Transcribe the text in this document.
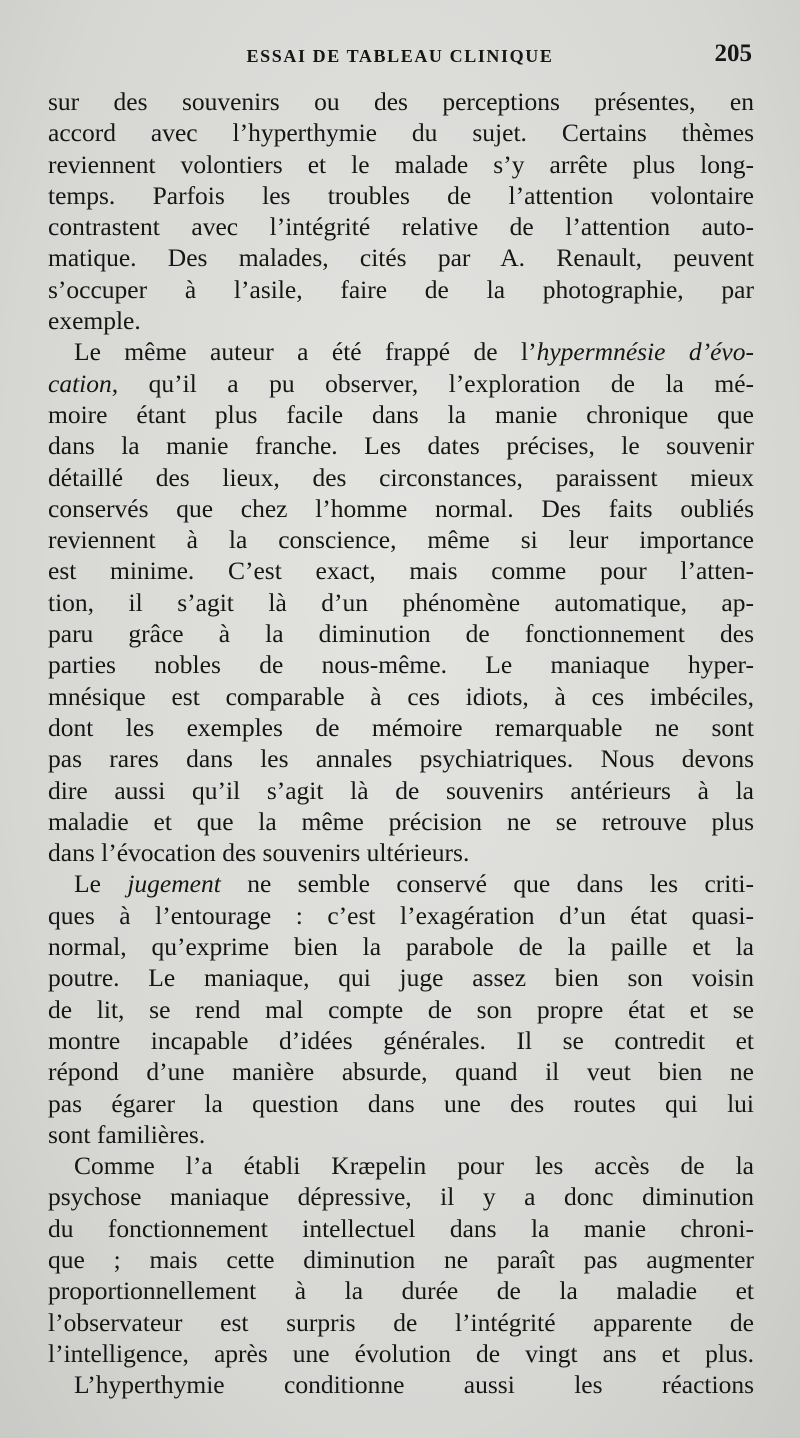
ESSAI DE TABLEAU CLINIQUE	205
sur des souvenirs ou des perceptions présentes, en
accord avec l’hyperthymie du sujet. Certains thèmes
reviennent volontiers et le malade s’y arrête plus long-
temps. Parfois les troubles de l’attention volontaire
contrastent avec l’intégrité relative de l’attention auto-
matique. Des malades, cités par A. Renault, peuvent
s’occuper à l’asile, faire de la photographie, par
exemple.
Le même auteur a été frappé de l’hypermnésie d’évo-
cation, qu’il a pu observer, l’exploration de la mé-
moire étant plus facile dans la manie chronique que
dans la manie franche. Les dates précises, le souvenir
détaillé des lieux, des circonstances, paraissent mieux
conservés que chez l’homme normal. Des faits oubliés
reviennent à la conscience, même si leur importance
est minime. C’est exact, mais comme pour l’atten-
tion, il s’agit là d’un phénomène automatique, ap-
paru grâce à la diminution de fonctionnement des
parties nobles de nous-même. Le maniaque hyper-
mnésique est comparable à ces idiots, à ces imbéciles,
dont les exemples de mémoire remarquable ne sont
pas rares dans les annales psychiatriques. Nous devons
dire aussi qu’il s’agit là de souvenirs antérieurs à la
maladie et que la même précision ne se retrouve plus
dans l’évocation des souvenirs ultérieurs.
Le jugement ne semble conservé que dans les criti-
ques à l’entourage : c’est l’exagération d’un état quasi-
normal, qu’exprime bien la parabole de la paille et la
poutre. Le maniaque, qui juge assez bien son voisin
de lit, se rend mal compte de son propre état et se
montre incapable d’idées générales. Il se contredit et
répond d’une manière absurde, quand il veut bien ne
pas égarer la question dans une des routes qui lui
sont familières.
Comme l’a établi Kræpelin pour les accès de la
psychose maniaque dépressive, il y a donc diminution
du fonctionnement intellectuel dans la manie chroni-
que ; mais cette diminution ne paraît pas augmenter
proportionnellement à la durée de la maladie et
l’observateur est surpris de l’intégrité apparente de
l’intelligence, après une évolution de vingt ans et plus.
L’hyperthymie conditionne aussi les réactions
